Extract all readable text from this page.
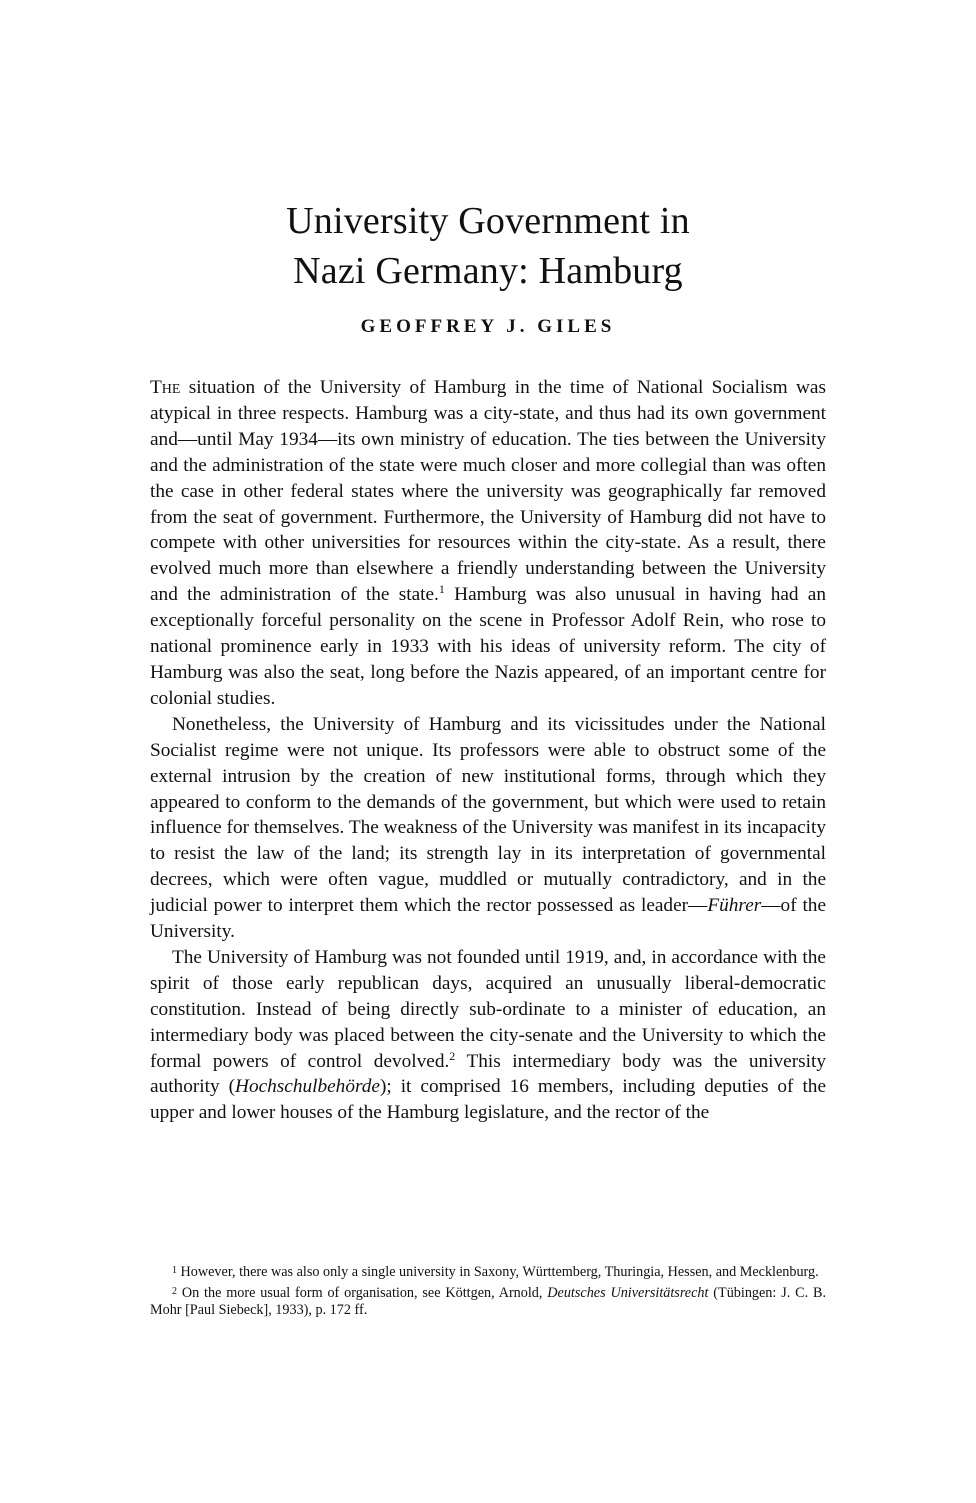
University Government in
Nazi Germany: Hamburg
GEOFFREY J. GILES

The situation of the University of Hamburg in the time of National Socialism was atypical in three respects. Hamburg was a city-state, and thus had its own government and—until May 1934—its own ministry of education. The ties between the University and the administration of the state were much closer and more collegial than was often the case in other federal states where the university was geographically far removed from the seat of government. Furthermore, the University of Hamburg did not have to compete with other universities for resources within the city-state. As a result, there evolved much more than elsewhere a friendly understanding between the University and the administration of the state.$^1$ Hamburg was also unusual in having had an exceptionally forceful personality on the scene in Professor Adolf Rein, who rose to national prominence early in 1933 with his ideas of university reform. The city of Hamburg was also the seat, long before the Nazis appeared, of an important centre for colonial studies.

Nonetheless, the University of Hamburg and its vicissitudes under the National Socialist regime were not unique. Its professors were able to obstruct some of the external intrusion by the creation of new institutional forms, through which they appeared to conform to the demands of the government, but which were used to retain influence for themselves. The weakness of the University was manifest in its incapacity to resist the law of the land; its strength lay in its interpretation of governmental decrees, which were often vague, muddled or mutually contradictory, and in the judicial power to interpret them which the rector possessed as leader—Führer—of the University.

The University of Hamburg was not founded until 1919, and, in accordance with the spirit of those early republican days, acquired an unusually liberal-democratic constitution. Instead of being directly sub-ordinate to a minister of education, an intermediary body was placed between the city-senate and the University to which the formal powers of control devolved.$^2$ This intermediary body was the university authority (Hochschulbehörde); it comprised 16 members, including deputies of the upper and lower houses of the Hamburg legislature, and the rector of the

$^1$ However, there was also only a single university in Saxony, Württemberg, Thuringia, Hessen, and Mecklenburg.

$^2$ On the more usual form of organisation, see Köttgen, Arnold, Deutsches Universitätsrecht (Tübingen: J. C. B. Mohr [Paul Siebeck], 1933), p. 172 ff.
